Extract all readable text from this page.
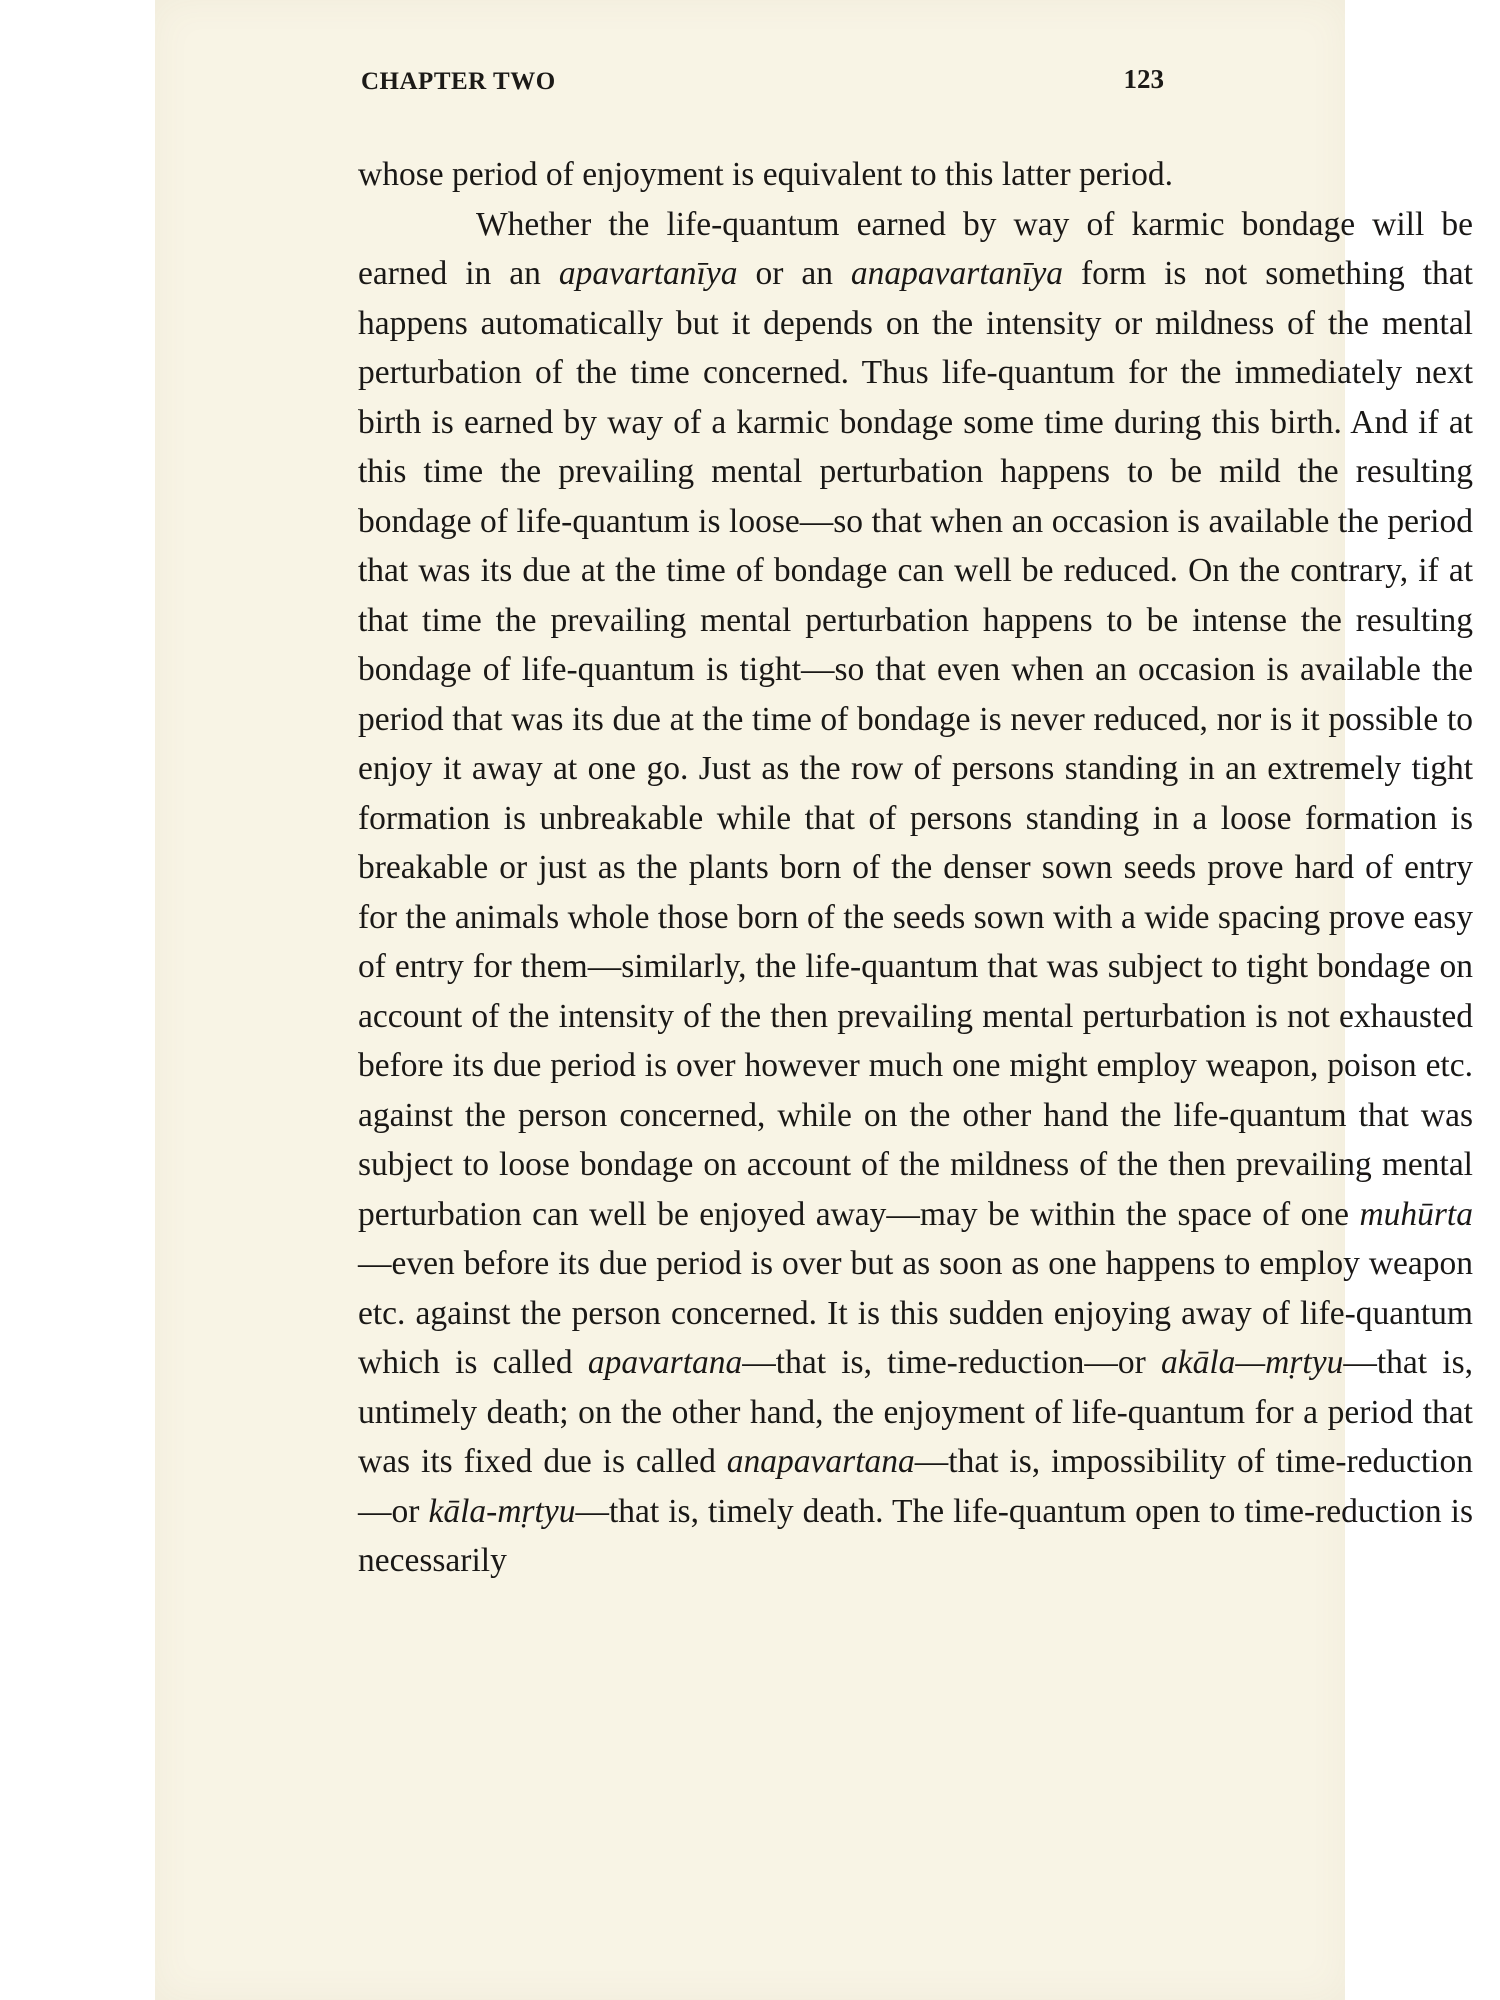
CHAPTER TWO	123

whose period of enjoyment is equivalent to this latter period.

Whether the life-quantum earned by way of karmic bondage will be earned in an apavartanīya or an anapavartanīya form is not something that happens automatically but it depends on the intensity or mildness of the mental perturbation of the time concerned. Thus life-quantum for the immediately next birth is earned by way of a karmic bondage some time during this birth. And if at this time the prevailing mental perturbation happens to be mild the resulting bondage of life-quantum is loose—so that when an occasion is available the period that was its due at the time of bondage can well be reduced. On the contrary, if at that time the prevailing mental perturbation happens to be intense the resulting bondage of life-quantum is tight—so that even when an occasion is available the period that was its due at the time of bondage is never reduced, nor is it possible to enjoy it away at one go. Just as the row of persons standing in an extremely tight formation is unbreakable while that of persons standing in a loose formation is breakable or just as the plants born of the denser sown seeds prove hard of entry for the animals whole those born of the seeds sown with a wide spacing prove easy of entry for them—similarly, the life-quantum that was subject to tight bondage on account of the intensity of the then prevailing mental perturbation is not exhausted before its due period is over however much one might employ weapon, poison etc. against the person concerned, while on the other hand the life-quantum that was subject to loose bondage on account of the mildness of the then prevailing mental perturbation can well be enjoyed away—may be within the space of one muhūrta—even before its due period is over but as soon as one happens to employ weapon etc. against the person concerned. It is this sudden enjoying away of life-quantum which is called apavartana—that is, time-reduction—or akāla—mṛtyu—that is, untimely death; on the other hand, the enjoyment of life-quantum for a period that was its fixed due is called anapavartana—that is, impossibility of time-reduction—or kāla-mṛtyu—that is, timely death. The life-quantum open to time-reduction is necessarily
